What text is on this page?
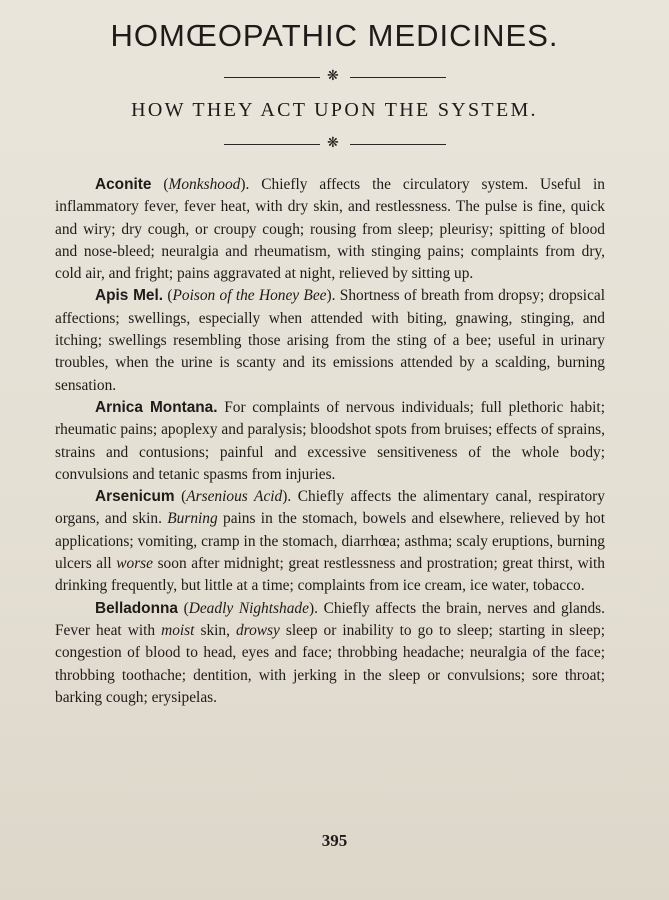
HOMŒOPATHIC MEDICINES.
❋
HOW THEY ACT UPON THE SYSTEM.
❋

Aconite (Monkshood). Chiefly affects the circulatory system. Useful in inflammatory fever, fever heat, with dry skin, and restlessness. The pulse is fine, quick and wiry; dry cough, or croupy cough; rousing from sleep; pleurisy; spitting of blood and nose-bleed; neuralgia and rheumatism, with stinging pains; complaints from dry, cold air, and fright; pains aggravated at night, relieved by sitting up.

Apis Mel. (Poison of the Honey Bee). Shortness of breath from dropsy; dropsical affections; swellings, especially when attended with biting, gnawing, stinging, and itching; swellings resembling those arising from the sting of a bee; useful in urinary troubles, when the urine is scanty and its emissions attended by a scalding, burning sensation.

Arnica Montana. For complaints of nervous individuals; full plethoric habit; rheumatic pains; apoplexy and paralysis; bloodshot spots from bruises; effects of sprains, strains and contusions; painful and excessive sensitiveness of the whole body; convulsions and tetanic spasms from injuries.

Arsenicum (Arsenious Acid). Chiefly affects the alimentary canal, respiratory organs, and skin. Burning pains in the stomach, bowels and elsewhere, relieved by hot applications; vomiting, cramp in the stomach, diarrhœa; asthma; scaly eruptions, burning ulcers all worse soon after midnight; great restlessness and prostration; great thirst, with drinking frequently, but little at a time; complaints from ice cream, ice water, tobacco.

Belladonna (Deadly Nightshade). Chiefly affects the brain, nerves and glands. Fever heat with moist skin, drowsy sleep or inability to go to sleep; starting in sleep; congestion of blood to head, eyes and face; throbbing headache; neuralgia of the face; throbbing toothache; dentition, with jerking in the sleep or convulsions; sore throat; barking cough; erysipelas.

395
